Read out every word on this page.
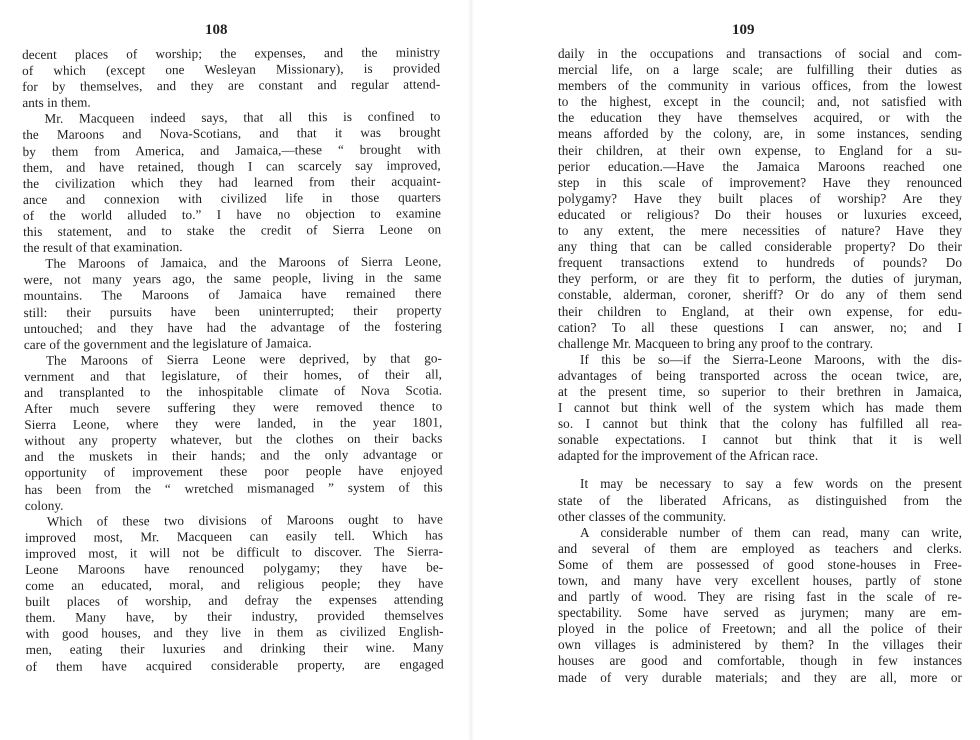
108
decent places of worship; the expenses, and the ministry
of which (except one Wesleyan Missionary), is provided
for by themselves, and they are constant and regular attend-
ants in them.
Mr. Macqueen indeed says, that all this is confined to
the Maroons and Nova-Scotians, and that it was brought
by them from America, and Jamaica,—these “ brought with
them, and have retained, though I can scarcely say improved,
the civilization which they had learned from their acquaint-
ance and connexion with civilized life in those quarters
of the world alluded to.” I have no objection to examine
this statement, and to stake the credit of Sierra Leone on
the result of that examination.
The Maroons of Jamaica, and the Maroons of Sierra Leone,
were, not many years ago, the same people, living in the same
mountains. The Maroons of Jamaica have remained there
still: their pursuits have been uninterrupted; their property
untouched; and they have had the advantage of the fostering
care of the government and the legislature of Jamaica.
The Maroons of Sierra Leone were deprived, by that go-
vernment and that legislature, of their homes, of their all,
and transplanted to the inhospitable climate of Nova Scotia.
After much severe suffering they were removed thence to
Sierra Leone, where they were landed, in the year 1801,
without any property whatever, but the clothes on their backs
and the muskets in their hands; and the only advantage or
opportunity of improvement these poor people have enjoyed
has been from the “ wretched mismanaged ” system of this
colony.
Which of these two divisions of Maroons ought to have
improved most, Mr. Macqueen can easily tell. Which has
improved most, it will not be difficult to discover. The Sierra-
Leone Maroons have renounced polygamy; they have be-
come an educated, moral, and religious people; they have
built places of worship, and defray the expenses attending
them. Many have, by their industry, provided themselves
with good houses, and they live in them as civilized English-
men, eating their luxuries and drinking their wine. Many
of them have acquired considerable property, are engaged
109
daily in the occupations and transactions of social and com-
mercial life, on a large scale; are fulfilling their duties as
members of the community in various offices, from the lowest
to the highest, except in the council; and, not satisfied with
the education they have themselves acquired, or with the
means afforded by the colony, are, in some instances, sending
their children, at their own expense, to England for a su-
perior education.—Have the Jamaica Maroons reached one
step in this scale of improvement? Have they renounced
polygamy? Have they built places of worship? Are they
educated or religious? Do their houses or luxuries exceed,
to any extent, the mere necessities of nature? Have they
any thing that can be called considerable property? Do their
frequent transactions extend to hundreds of pounds? Do
they perform, or are they fit to perform, the duties of juryman,
constable, alderman, coroner, sheriff? Or do any of them send
their children to England, at their own expense, for edu-
cation? To all these questions I can answer, no; and I
challenge Mr. Macqueen to bring any proof to the contrary.
If this be so—if the Sierra-Leone Maroons, with the dis-
advantages of being transported across the ocean twice, are,
at the present time, so superior to their brethren in Jamaica,
I cannot but think well of the system which has made them
so. I cannot but think that the colony has fulfilled all rea-
sonable expectations. I cannot but think that it is well
adapted for the improvement of the African race.
It may be necessary to say a few words on the present
state of the liberated Africans, as distinguished from the
other classes of the community.
A considerable number of them can read, many can write,
and several of them are employed as teachers and clerks.
Some of them are possessed of good stone-houses in Free-
town, and many have very excellent houses, partly of stone
and partly of wood. They are rising fast in the scale of re-
spectability. Some have served as jurymen; many are em-
ployed in the police of Freetown; and all the police of their
own villages is administered by them? In the villages their
houses are good and comfortable, though in few instances
made of very durable materials; and they are all, more or
